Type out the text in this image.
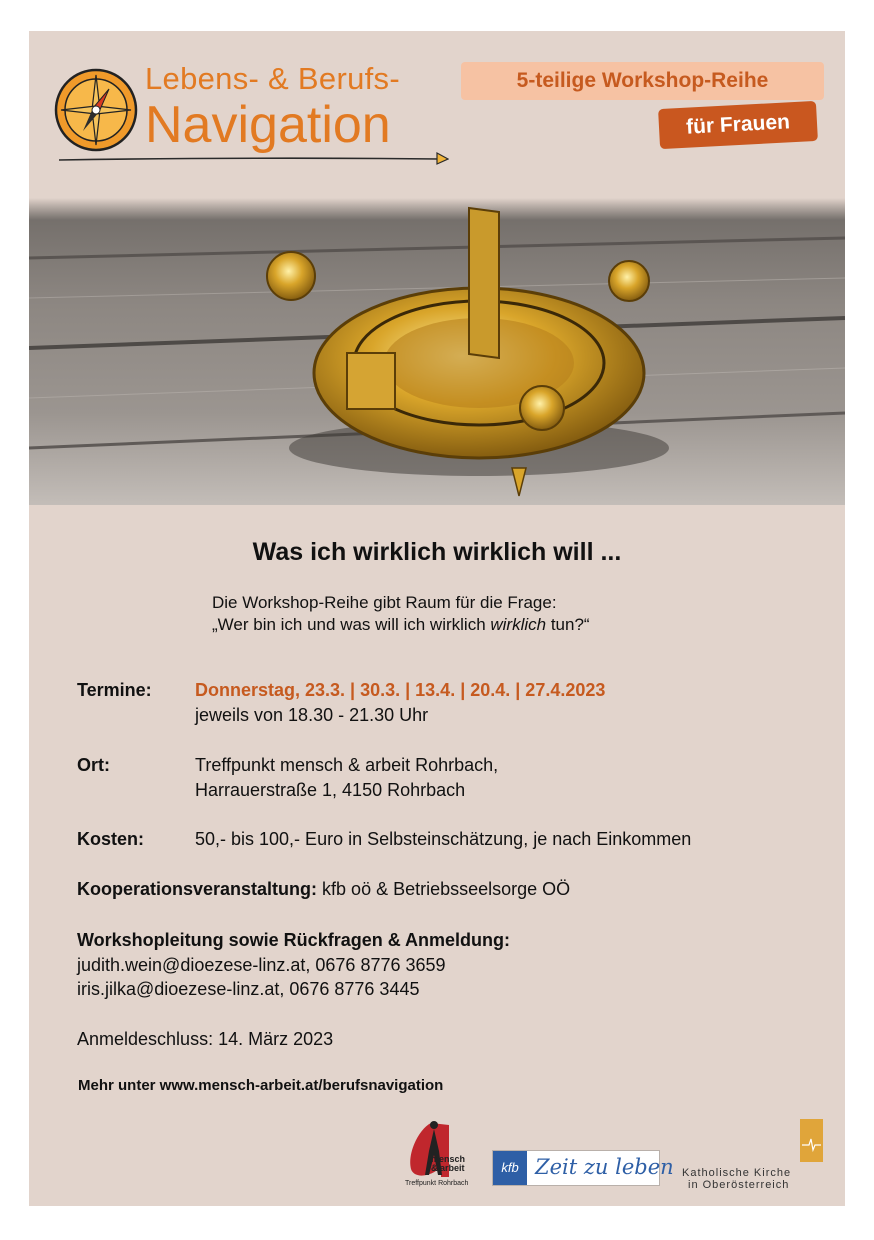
Lebens- & Berufs-
Navigation
5-teilige Workshop-Reihe
für Frauen
Was ich wirklich wirklich will ...
Die Workshop-Reihe gibt Raum für die Frage:
„Wer bin ich und was will ich wirklich wirklich tun?“
Termine: Donnerstag, 23.3. | 30.3. | 13.4. | 20.4. | 27.4.2023
jeweils von 18.30 - 21.30 Uhr
Ort:	Treffpunkt mensch & arbeit Rohrbach,
Harrauerstraße 1, 4150 Rohrbach
Kosten:	50,- bis 100,- Euro in Selbsteinschätzung, je nach Einkommen
Kooperationsveranstaltung: kfb oö & Betriebsseelsorge OÖ
Workshopleitung sowie Rückfragen & Anmeldung:
judith.wein@dioezese-linz.at, 0676 8776 3659
iris.jilka@dioezese-linz.at, 0676 8776 3445
Anmeldeschluss: 14. März 2023
Mehr unter www.mensch-arbeit.at/berufsnavigation
mensch
& arbeit
Treffpunkt Rohrbach
kfb Zeit zu leben Katholische Kirche
in Oberösterreich
